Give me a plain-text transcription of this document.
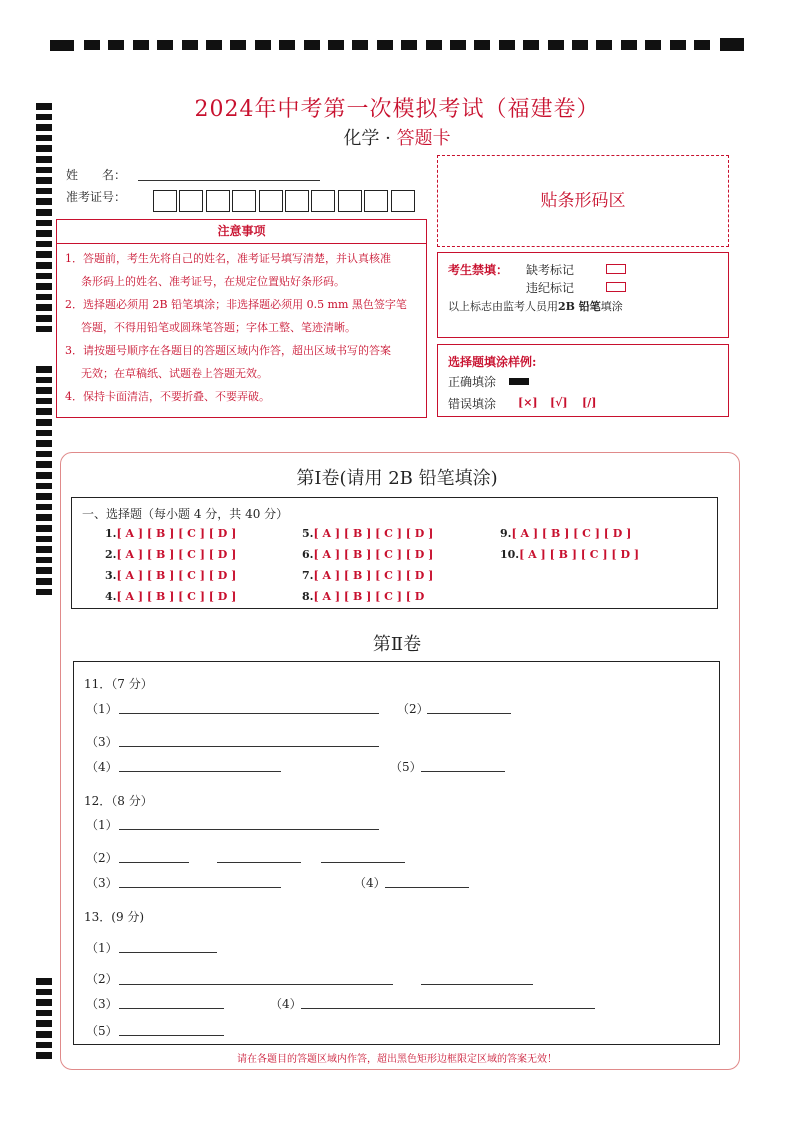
2024年中考第一次模拟考试（福建卷）
化学 · 答题卡
姓　　名：
准考证号：	贴条形码区
注意事项
1．答题前，考生先将自己的姓名，准考证号填写清楚，并认真核准
条形码上的姓名、准考证号，在规定位置贴好条形码。
2．选择题必须用 2B 铅笔填涂；非选择题必须用 0.5 mm 黑色签字笔
答题，不得用铅笔或圆珠笔答题；字体工整、笔迹清晰。
3．请按题号顺序在各题目的答题区域内作答，超出区域书写的答案
无效；在草稿纸、试题卷上答题无效。
4．保持卡面清洁，不要折叠、不要弄破。
考生禁填： 缺考标记
违纪标记
以上标志由监考人员用2B 铅笔填涂
选择题填涂样例:
正确填涂
错误填涂 [×] [√] [/]
第Ⅰ卷(请用 2B 铅笔填涂)
一、选择题（每小题 4 分，共 40 分）
1.[ A ] [ B ] [ C ] [ D ]
2.[ A ] [ B ] [ C ] [ D ]
3.[ A ] [ B ] [ C ] [ D ]
4.[ A ] [ B ] [ C ] [ D ]
5.[ A ] [ B ] [ C ] [ D ]
6.[ A ] [ B ] [ C ] [ D ]
7.[ A ] [ B ] [ C ] [ D ]
8.[ A ] [ B ] [ C ] [ D
9.[ A ] [ B ] [ C ] [ D ]
10.[ A ] [ B ] [ C ] [ D ]
第Ⅱ卷
11．（7 分）
（1）	（2）
（3）
（4）	（5）
12．（8 分）
（1）
（2）
（3）	（4）
13．(9 分)
（1）
（2）
（3）	（4）
（5）
请在各题目的答题区域内作答，超出黑色矩形边框限定区域的答案无效！
